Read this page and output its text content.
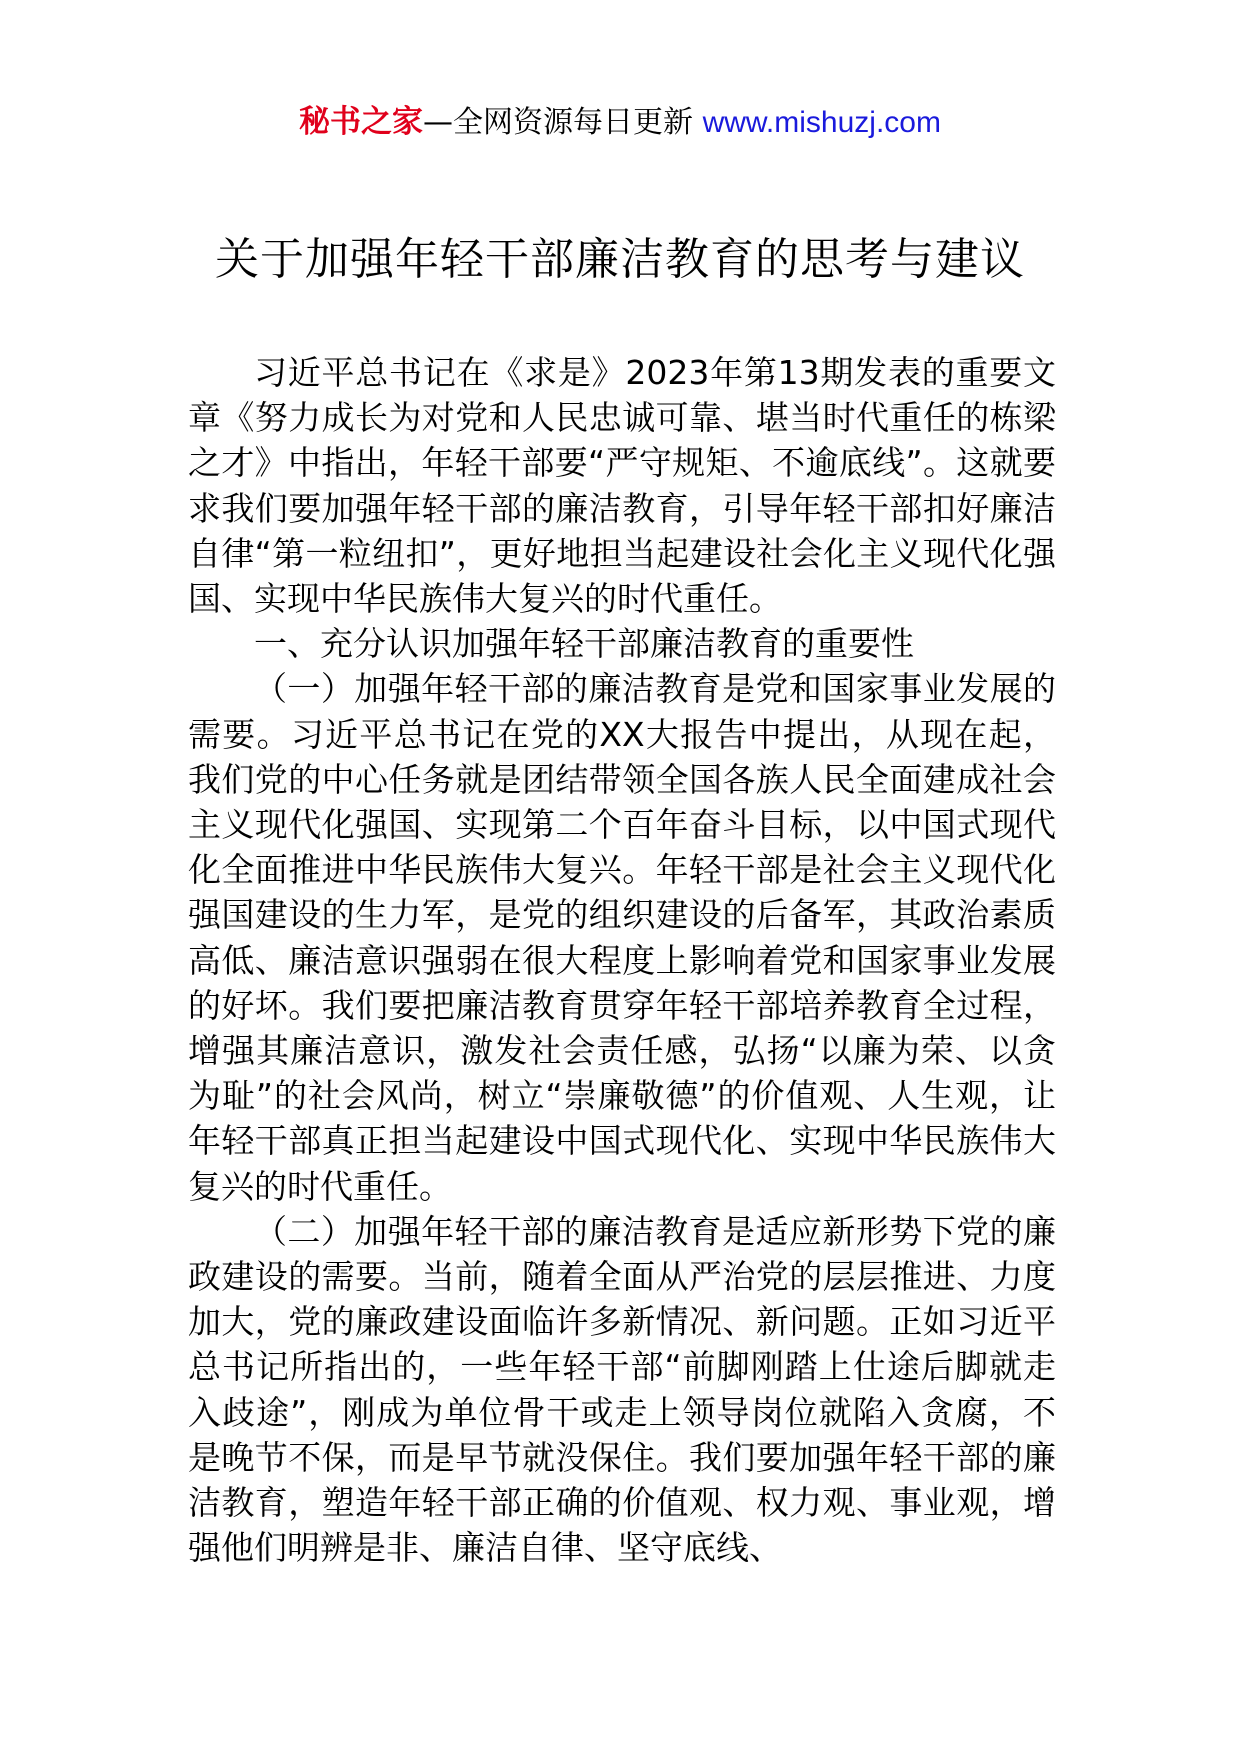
秘书之家—全网资源每日更新 www.mishuzj.com
关于加强年轻干部廉洁教育的思考与建议

习近平总书记在《求是》2023年第13期发表的重要文章《努力成长为对党和人民忠诚可靠、堪当时代重任的栋梁之才》中指出，年轻干部要“严守规矩、不逾底线”。这就要求我们要加强年轻干部的廉洁教育，引导年轻干部扣好廉洁自律“第一粒纽扣”，更好地担当起建设社会化主义现代化强国、实现中华民族伟大复兴的时代重任。

一、充分认识加强年轻干部廉洁教育的重要性

（一）加强年轻干部的廉洁教育是党和国家事业发展的需要。习近平总书记在党的XX大报告中提出，从现在起，我们党的中心任务就是团结带领全国各族人民全面建成社会主义现代化强国、实现第二个百年奋斗目标，以中国式现代化全面推进中华民族伟大复兴。年轻干部是社会主义现代化强国建设的生力军，是党的组织建设的后备军，其政治素质高低、廉洁意识强弱在很大程度上影响着党和国家事业发展的好坏。我们要把廉洁教育贯穿年轻干部培养教育全过程，增强其廉洁意识，激发社会责任感，弘扬“以廉为荣、以贪为耻”的社会风尚，树立“崇廉敬德”的价值观、人生观，让年轻干部真正担当起建设中国式现代化、实现中华民族伟大复兴的时代重任。

（二）加强年轻干部的廉洁教育是适应新形势下党的廉政建设的需要。当前，随着全面从严治党的层层推进、力度加大，党的廉政建设面临许多新情况、新问题。正如习近平总书记所指出的，一些年轻干部“前脚刚踏上仕途后脚就走入歧途”，刚成为单位骨干或走上领导岗位就陷入贪腐，不是晚节不保，而是早节就没保住。我们要加强年轻干部的廉洁教育，塑造年轻干部正确的价值观、权力观、事业观，增强他们明辨是非、廉洁自律、坚守底线、
